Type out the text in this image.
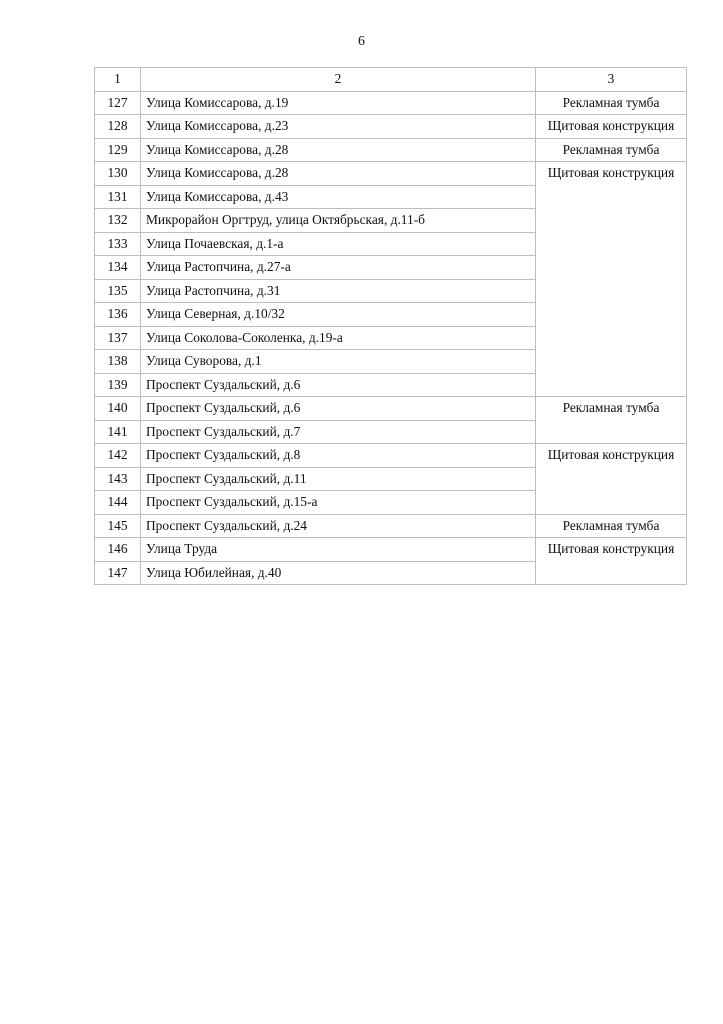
6
1	2	3
127	Улица Комиссарова, д.19	Рекламная тумба
128	Улица Комиссарова, д.23	Щитовая конструкция
129	Улица Комиссарова, д.28	Рекламная тумба
130	Улица Комиссарова, д.28	Щитовая конструкция
131	Улица Комиссарова, д.43	
132	Микрорайон Оргтруд, улица Октябрьская, д.11-б	
133	Улица Почаевская, д.1-а	
134	Улица Растопчина, д.27-а	
135	Улица Растопчина, д.31	
136	Улица Северная, д.10/32	
137	Улица Соколова-Соколенка, д.19-а	
138	Улица Суворова, д.1	
139	Проспект Суздальский, д.6	
140	Проспект Суздальский, д.6	Рекламная тумба
141	Проспект Суздальский, д.7	
142	Проспект Суздальский, д.8	Щитовая конструкция
143	Проспект Суздальский, д.11	
144	Проспект Суздальский, д.15-а	
145	Проспект Суздальский, д.24	Рекламная тумба
146	Улица Труда	Щитовая конструкция
147	Улица Юбилейная, д.40	
